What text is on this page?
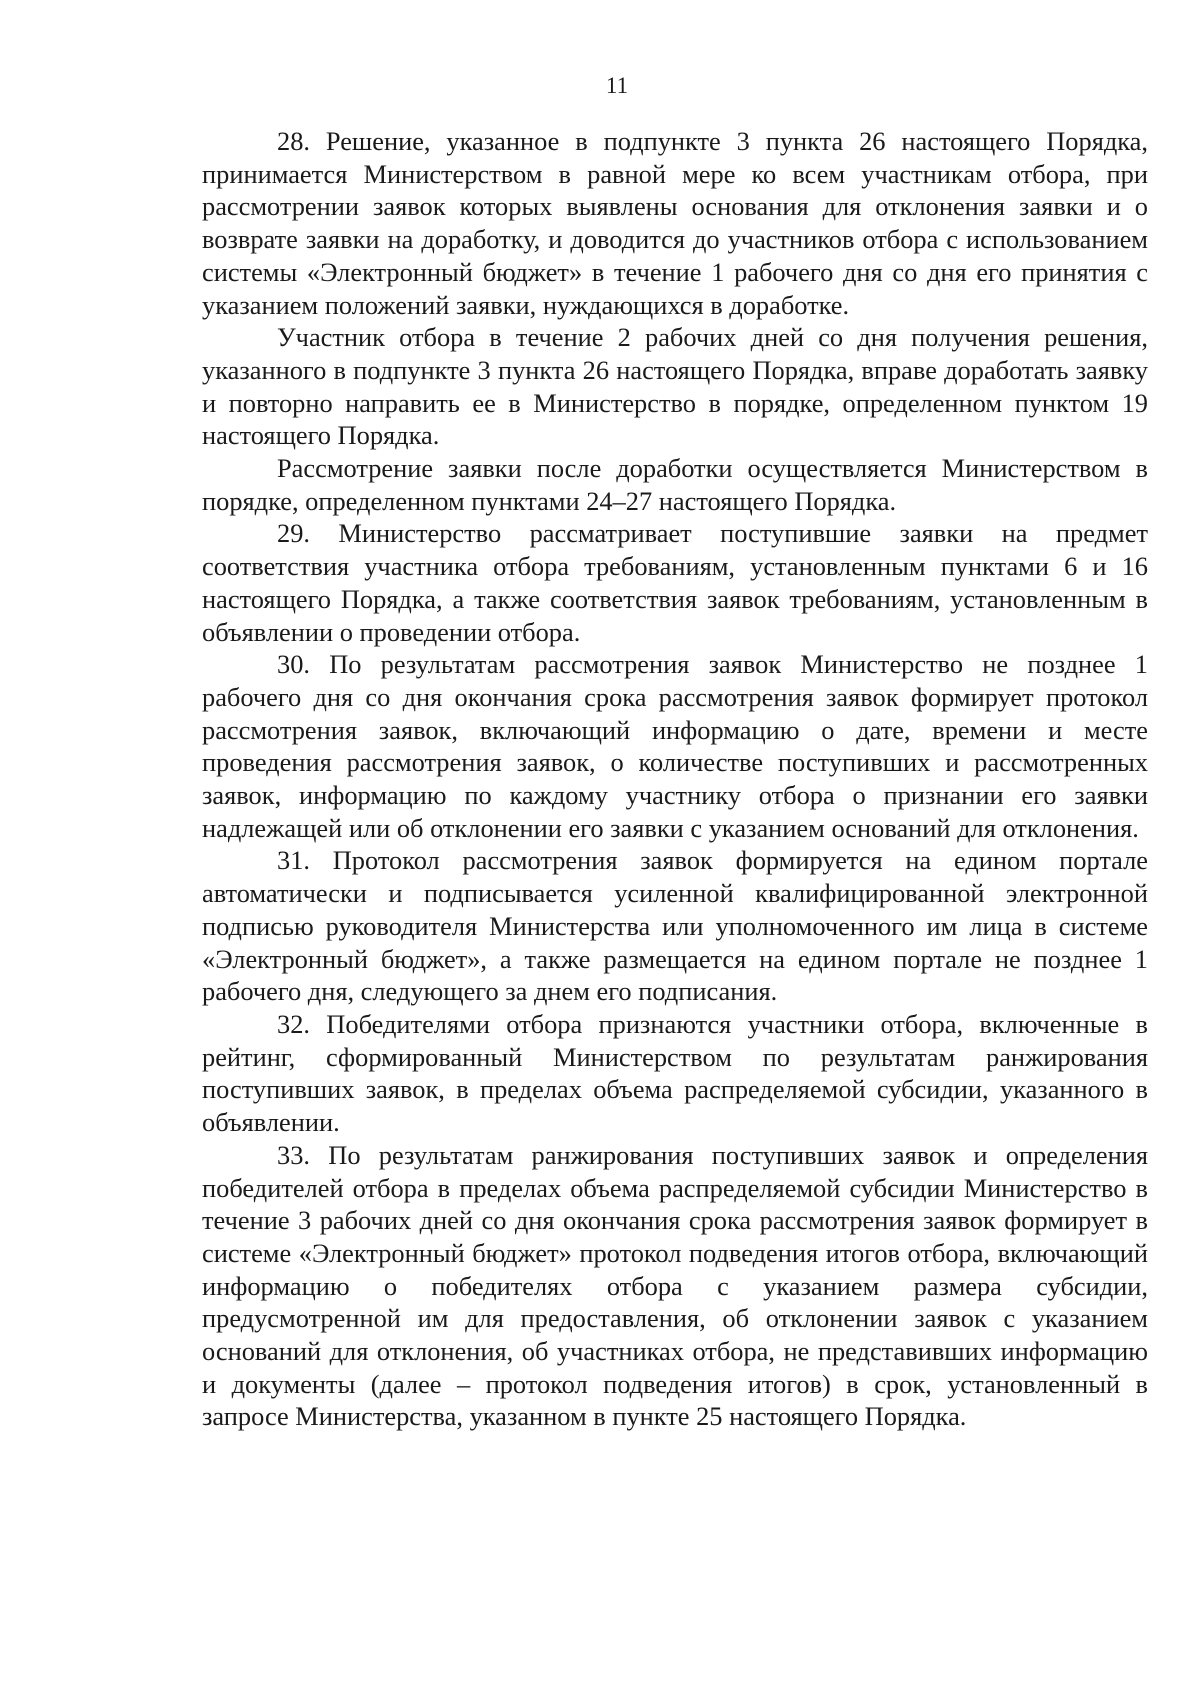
11

28. Решение, указанное в подпункте 3 пункта 26 настоящего Порядка, принимается Министерством в равной мере ко всем участникам отбора, при рассмотрении заявок которых выявлены основания для отклонения заявки и о возврате заявки на доработку, и доводится до участников отбора с использованием системы «Электронный бюджет» в течение 1 рабочего дня со дня его принятия с указанием положений заявки, нуждающихся в доработке.

Участник отбора в течение 2 рабочих дней со дня получения решения, указанного в подпункте 3 пункта 26 настоящего Порядка, вправе доработать заявку и повторно направить ее в Министерство в порядке, определенном пунктом 19 настоящего Порядка.

Рассмотрение заявки после доработки осуществляется Министерством в порядке, определенном пунктами 24–27 настоящего Порядка.

29. Министерство рассматривает поступившие заявки на предмет соответствия участника отбора требованиям, установленным пунктами 6 и 16 настоящего Порядка, а также соответствия заявок требованиям, установленным в объявлении о проведении отбора.

30. По результатам рассмотрения заявок Министерство не позднее 1 рабочего дня со дня окончания срока рассмотрения заявок формирует протокол рассмотрения заявок, включающий информацию о дате, времени и месте проведения рассмотрения заявок, о количестве поступивших и рассмотренных заявок, информацию по каждому участнику отбора о признании его заявки надлежащей или об отклонении его заявки с указанием оснований для отклонения.

31. Протокол рассмотрения заявок формируется на едином портале автоматически и подписывается усиленной квалифицированной электронной подписью руководителя Министерства или уполномоченного им лица в системе «Электронный бюджет», а также размещается на едином портале не позднее 1 рабочего дня, следующего за днем его подписания.

32. Победителями отбора признаются участники отбора, включенные в рейтинг, сформированный Министерством по результатам ранжирования поступивших заявок, в пределах объема распределяемой субсидии, указанного в объявлении.

33. По результатам ранжирования поступивших заявок и определения победителей отбора в пределах объема распределяемой субсидии Министерство в течение 3 рабочих дней со дня окончания срока рассмотрения заявок формирует в системе «Электронный бюджет» протокол подведения итогов отбора, включающий информацию о победителях отбора с указанием размера субсидии, предусмотренной им для предоставления, об отклонении заявок с указанием оснований для отклонения, об участниках отбора, не представивших информацию и документы (далее – протокол подведения итогов) в срок, установленный в запросе Министерства, указанном в пункте 25 настоящего Порядка.
